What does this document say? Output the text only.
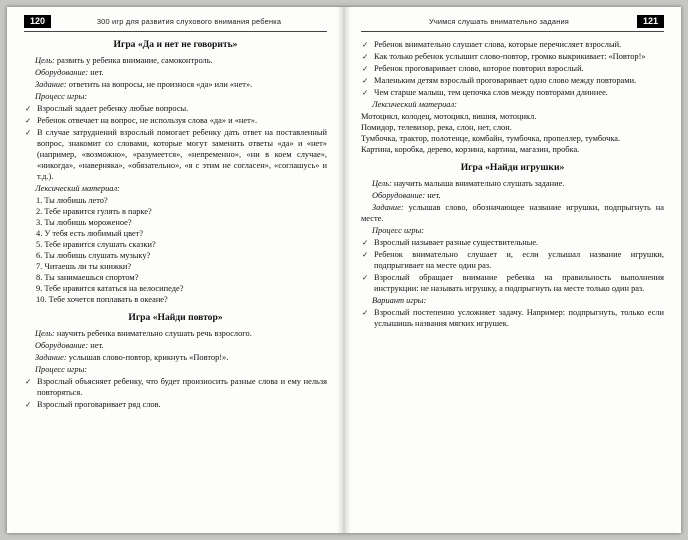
120	300 игр для развития слухового внимания ребенка
Игра «Да и нет не говорить»
Цель: развить у ребенка внимание, самоконтроль.
Оборудование: нет.
Задание: ответить на вопросы, не произнося «да» или «нет».
Процесс игры:
✓ Взрослый задает ребенку любые вопросы.
✓ Ребенок отвечает на вопрос, не используя слова «да» и «нет».
✓ В случае затруднений взрослый помогает ребенку дать ответ на поставленный вопрос, знакомит со словами, которые могут заменить ответы «да» и «нет» (например, «возможно», «разумеется», «непременно», «ни в коем случае», «никогда», «наверняка», «обязательно», «я с этим не согласен», «соглашусь» и т.д.).
Лексический материал:
1. Ты любишь лето?
2. Тебе нравится гулять в парке?
3. Ты любишь мороженое?
4. У тебя есть любимый цвет?
5. Тебе нравится слушать сказки?
6. Ты любишь слушать музыку?
7. Читаешь ли ты книжки?
8. Ты занимаешься спортом?
9. Тебе нравится кататься на велосипеде?
10. Тебе хочется поплавать в океане?
Игра «Найди повтор»
Цель: научить ребенка внимательно слушать речь взрослого.
Оборудование: нет.
Задание: услышав слово-повтор, крикнуть «Повтор!».
Процесс игры:
✓ Взрослый объясняет ребенку, что будет произносить разные слова и ему нельзя повторяться.
✓ Взрослый проговаривает ряд слов.
Учимся слушать внимательно задания	121
✓ Ребенок внимательно слушает слова, которые перечисляет взрослый.
✓ Как только ребенок услышит слово-повтор, громко выкрикивает: «Повтор!»
✓ Ребенок проговаривает слово, которое повторил взрослый.
✓ Маленьким детям взрослый проговаривает одно слово между повторами.
✓ Чем старше малыш, тем цепочка слов между повторами длиннее.
Лексический материал:
Мотоцикл, колодец, мотоцикл, вишня, мотоцикл.
Помидор, телевизор, река, слон, нет, слон.
Тумбочка, трактор, полотенце, комбайн, тумбочка, пропеллер, тумбочка.
Картина, коробка, дерево, корзина, картина, магазин, пробка.
Игра «Найди игрушки»
Цель: научить малыша внимательно слушать задание.
Оборудование: нет.
Задание: услышав слово, обозначающее название игрушки, подпрыгнуть на месте.
Процесс игры:
✓ Взрослый называет разные существительные.
✓ Ребенок внимательно слушает и, если услышал название игрушки, подпрыгивает на месте один раз.
✓ Взрослый обращает внимание ребенка на правильность выполнения инструкции: не называть игрушку, а подпрыгнуть на месте только один раз.
Вариант игры:
✓ Взрослый постепенно усложняет задачу. Например: подпрыгнуть, только если услышишь названия мягких игрушек.
